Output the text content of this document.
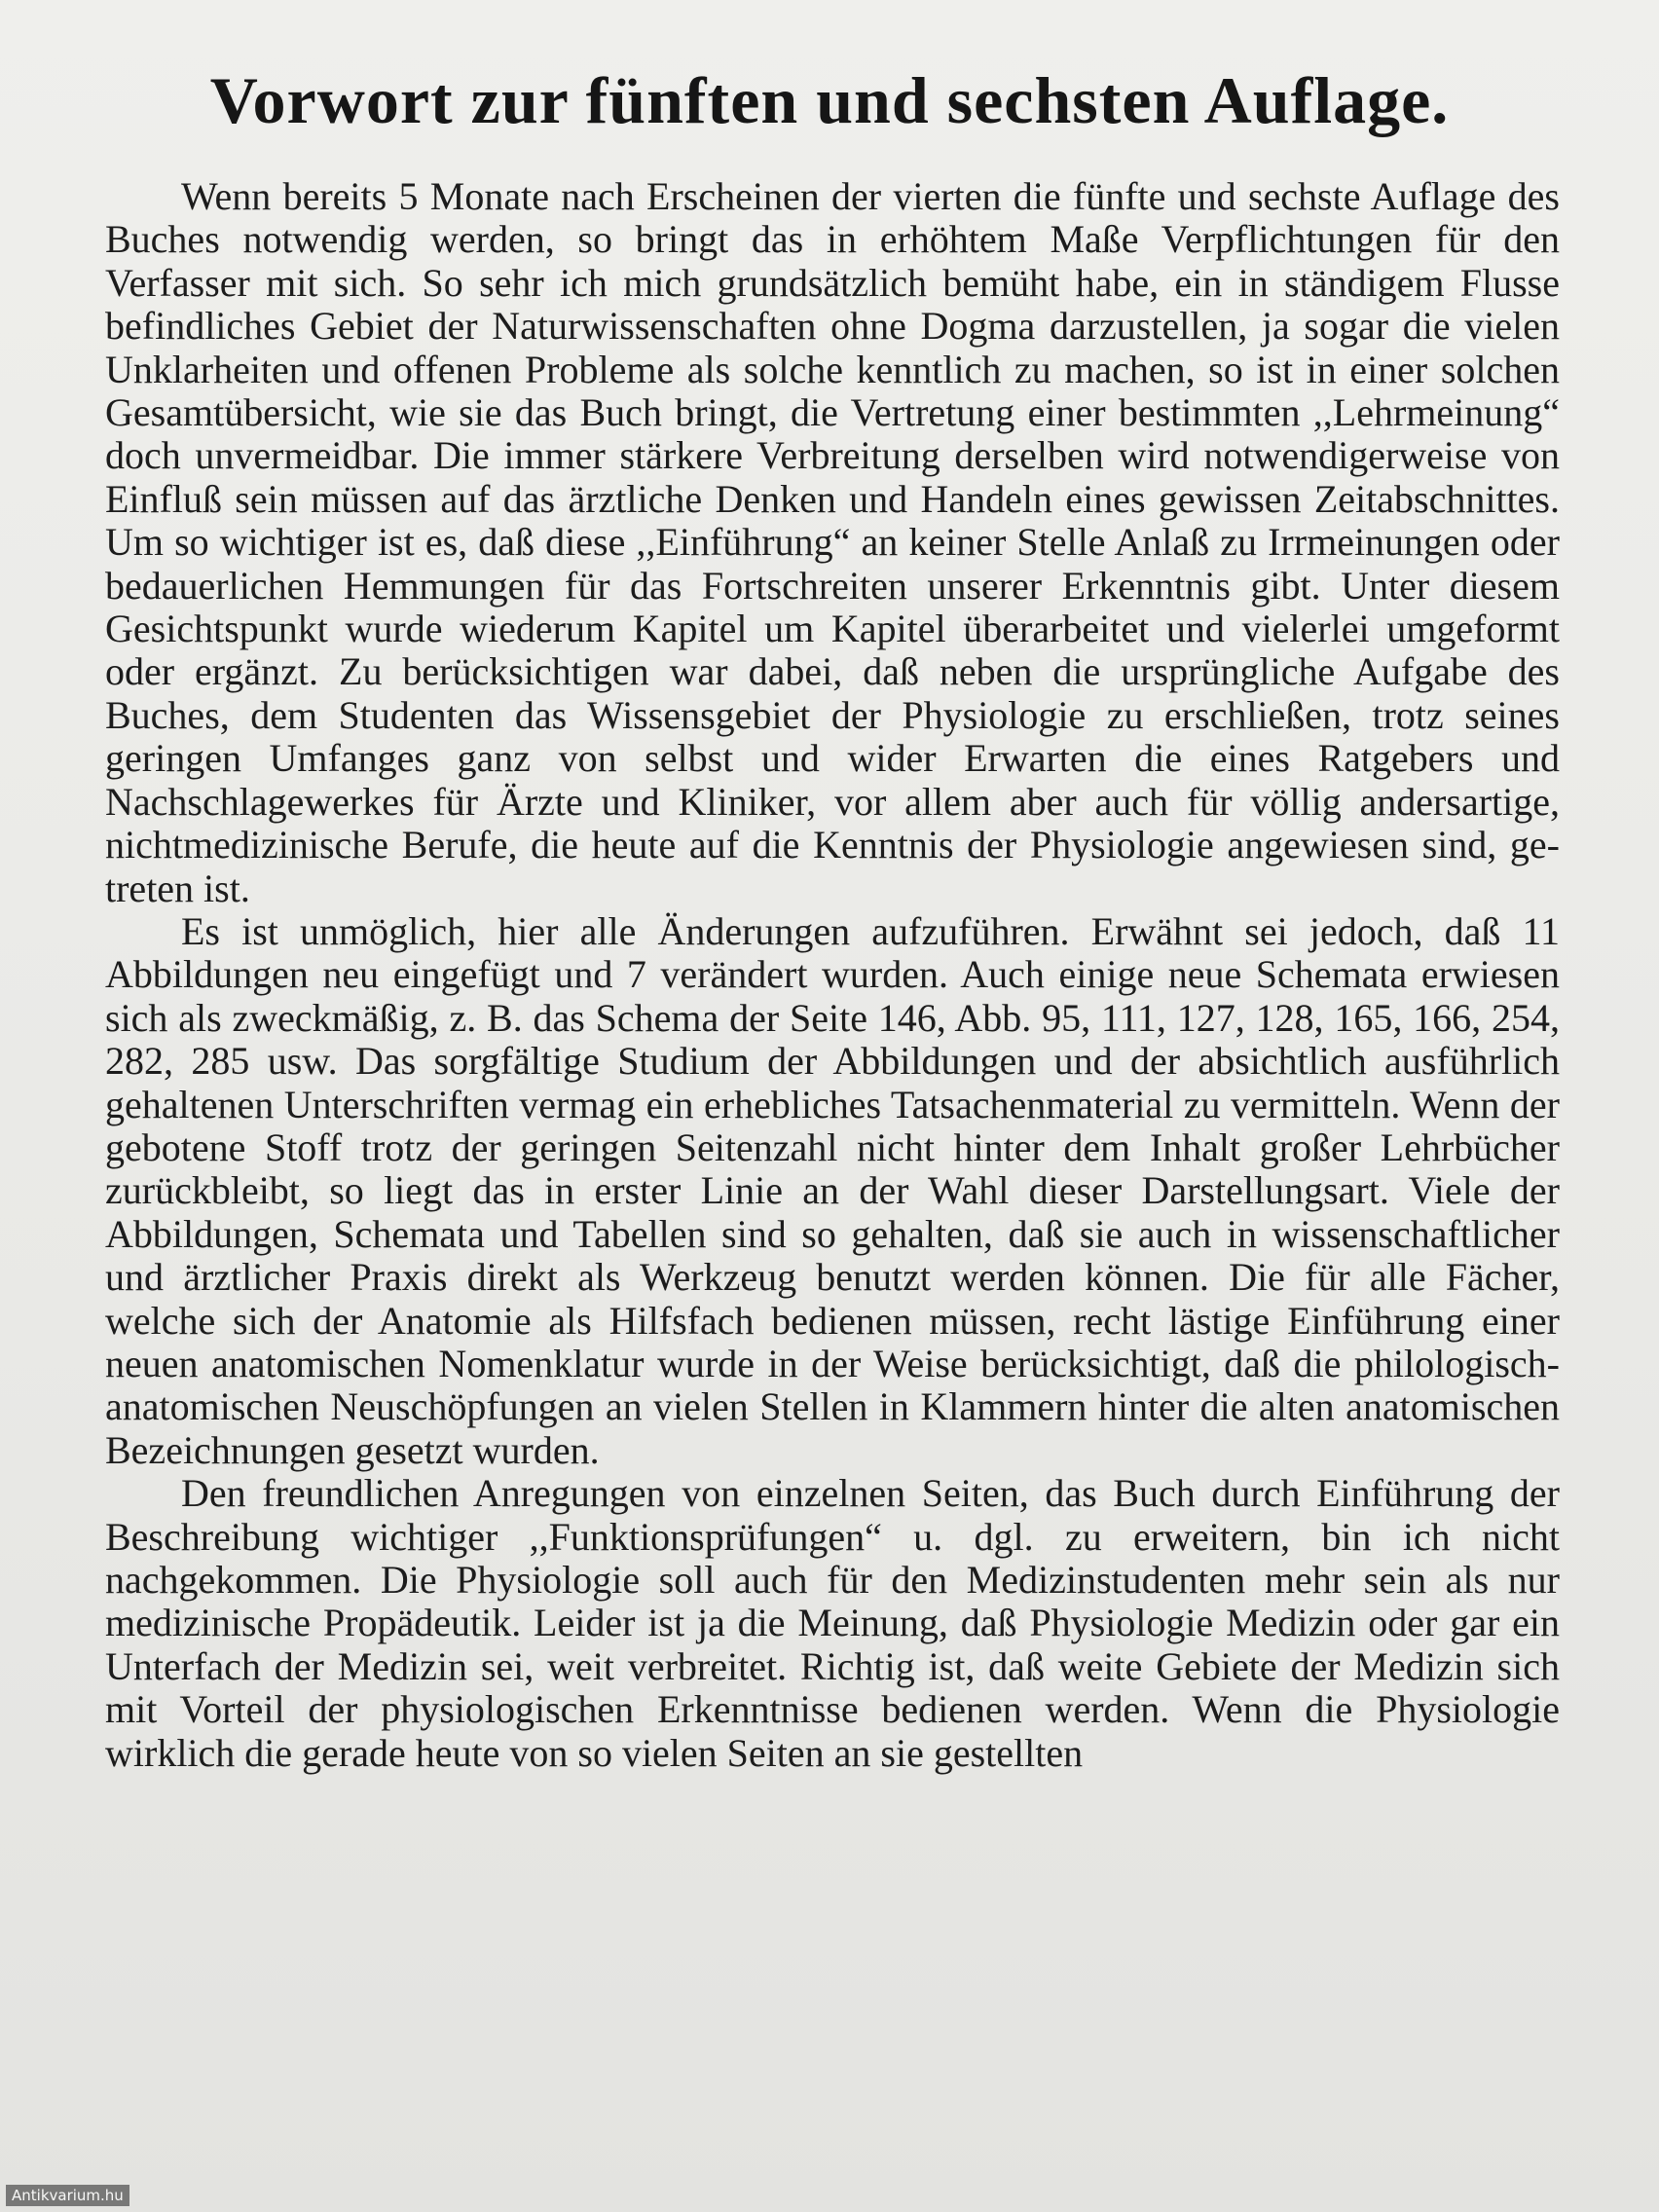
Vorwort zur fünften und sechsten Auflage.

Wenn bereits 5 Monate nach Erscheinen der vierten die fünfte und sechste Auflage des Buches notwendig werden, so bringt das in erhöhtem Maße Verpflichtungen für den Verfasser mit sich. So sehr ich mich grundsätzlich bemüht habe, ein in ständigem Flusse befindliches Gebiet der Naturwissenschaften ohne Dogma darzustellen, ja sogar die vielen Unklarheiten und offenen Probleme als solche kenntlich zu machen, so ist in einer solchen Gesamtübersicht, wie sie das Buch bringt, die Vertretung einer bestimmten ,,Lehrmeinung“ doch unvermeidbar. Die immer stärkere Verbreitung derselben wird notwendigerweise von Einfluß sein müssen auf das ärztliche Denken und Handeln eines gewissen Zeitabschnittes. Um so wichtiger ist es, daß diese ,,Einführung“ an keiner Stelle Anlaß zu Irrmeinungen oder bedauerlichen Hemmungen für das Fortschreiten unserer Erkenntnis gibt. Unter diesem Gesichtspunkt wurde wiederum Kapitel um Kapitel überarbeitet und vielerlei umgeformt oder ergänzt. Zu berücksichtigen war dabei, daß neben die ursprüngliche Aufgabe des Buches, dem Studenten das Wissensgebiet der Physiologie zu erschließen, trotz seines geringen Umfanges ganz von selbst und wider Erwarten die eines Ratgebers und Nachschlagewerkes für Ärzte und Kliniker, vor allem aber auch für völlig andersartige, nichtmedizinische Berufe, die heute auf die Kenntnis der Physiologie angewiesen sind, getreten ist.

Es ist unmöglich, hier alle Änderungen aufzuführen. Erwähnt sei jedoch, daß 11 Abbildungen neu eingefügt und 7 verändert wurden. Auch einige neue Schemata erwiesen sich als zweckmäßig, z. B. das Schema der Seite 146, Abb. 95, 111, 127, 128, 165, 166, 254, 282, 285 usw. Das sorgfältige Studium der Abbildungen und der absichtlich ausführlich gehaltenen Unterschriften vermag ein erhebliches Tatsachenmaterial zu vermitteln. Wenn der gebotene Stoff trotz der geringen Seitenzahl nicht hinter dem Inhalt großer Lehrbücher zurückbleibt, so liegt das in erster Linie an der Wahl dieser Darstellungsart. Viele der Abbildungen, Schemata und Tabellen sind so gehalten, daß sie auch in wissenschaftlicher und ärztlicher Praxis direkt als Werkzeug benutzt werden können. Die für alle Fächer, welche sich der Anatomie als Hilfsfach bedienen müssen, recht lästige Einführung einer neuen anatomischen Nomenklatur wurde in der Weise berücksichtigt, daß die philologisch-anatomischen Neuschöpfungen an vielen Stellen in Klammern hinter die alten anatomischen Bezeichnungen gesetzt wurden.

Den freundlichen Anregungen von einzelnen Seiten, das Buch durch Einführung der Beschreibung wichtiger ,,Funktionsprüfungen“ u. dgl. zu erweitern, bin ich nicht nachgekommen. Die Physiologie soll auch für den Medizinstudenten mehr sein als nur medizinische Propädeutik. Leider ist ja die Meinung, daß Physiologie Medizin oder gar ein Unterfach der Medizin sei, weit verbreitet. Richtig ist, daß weite Gebiete der Medizin sich mit Vorteil der physiologischen Erkenntnisse bedienen werden. Wenn die Physiologie wirklich die gerade heute von so vielen Seiten an sie gestellten

Antikvarium.hu
